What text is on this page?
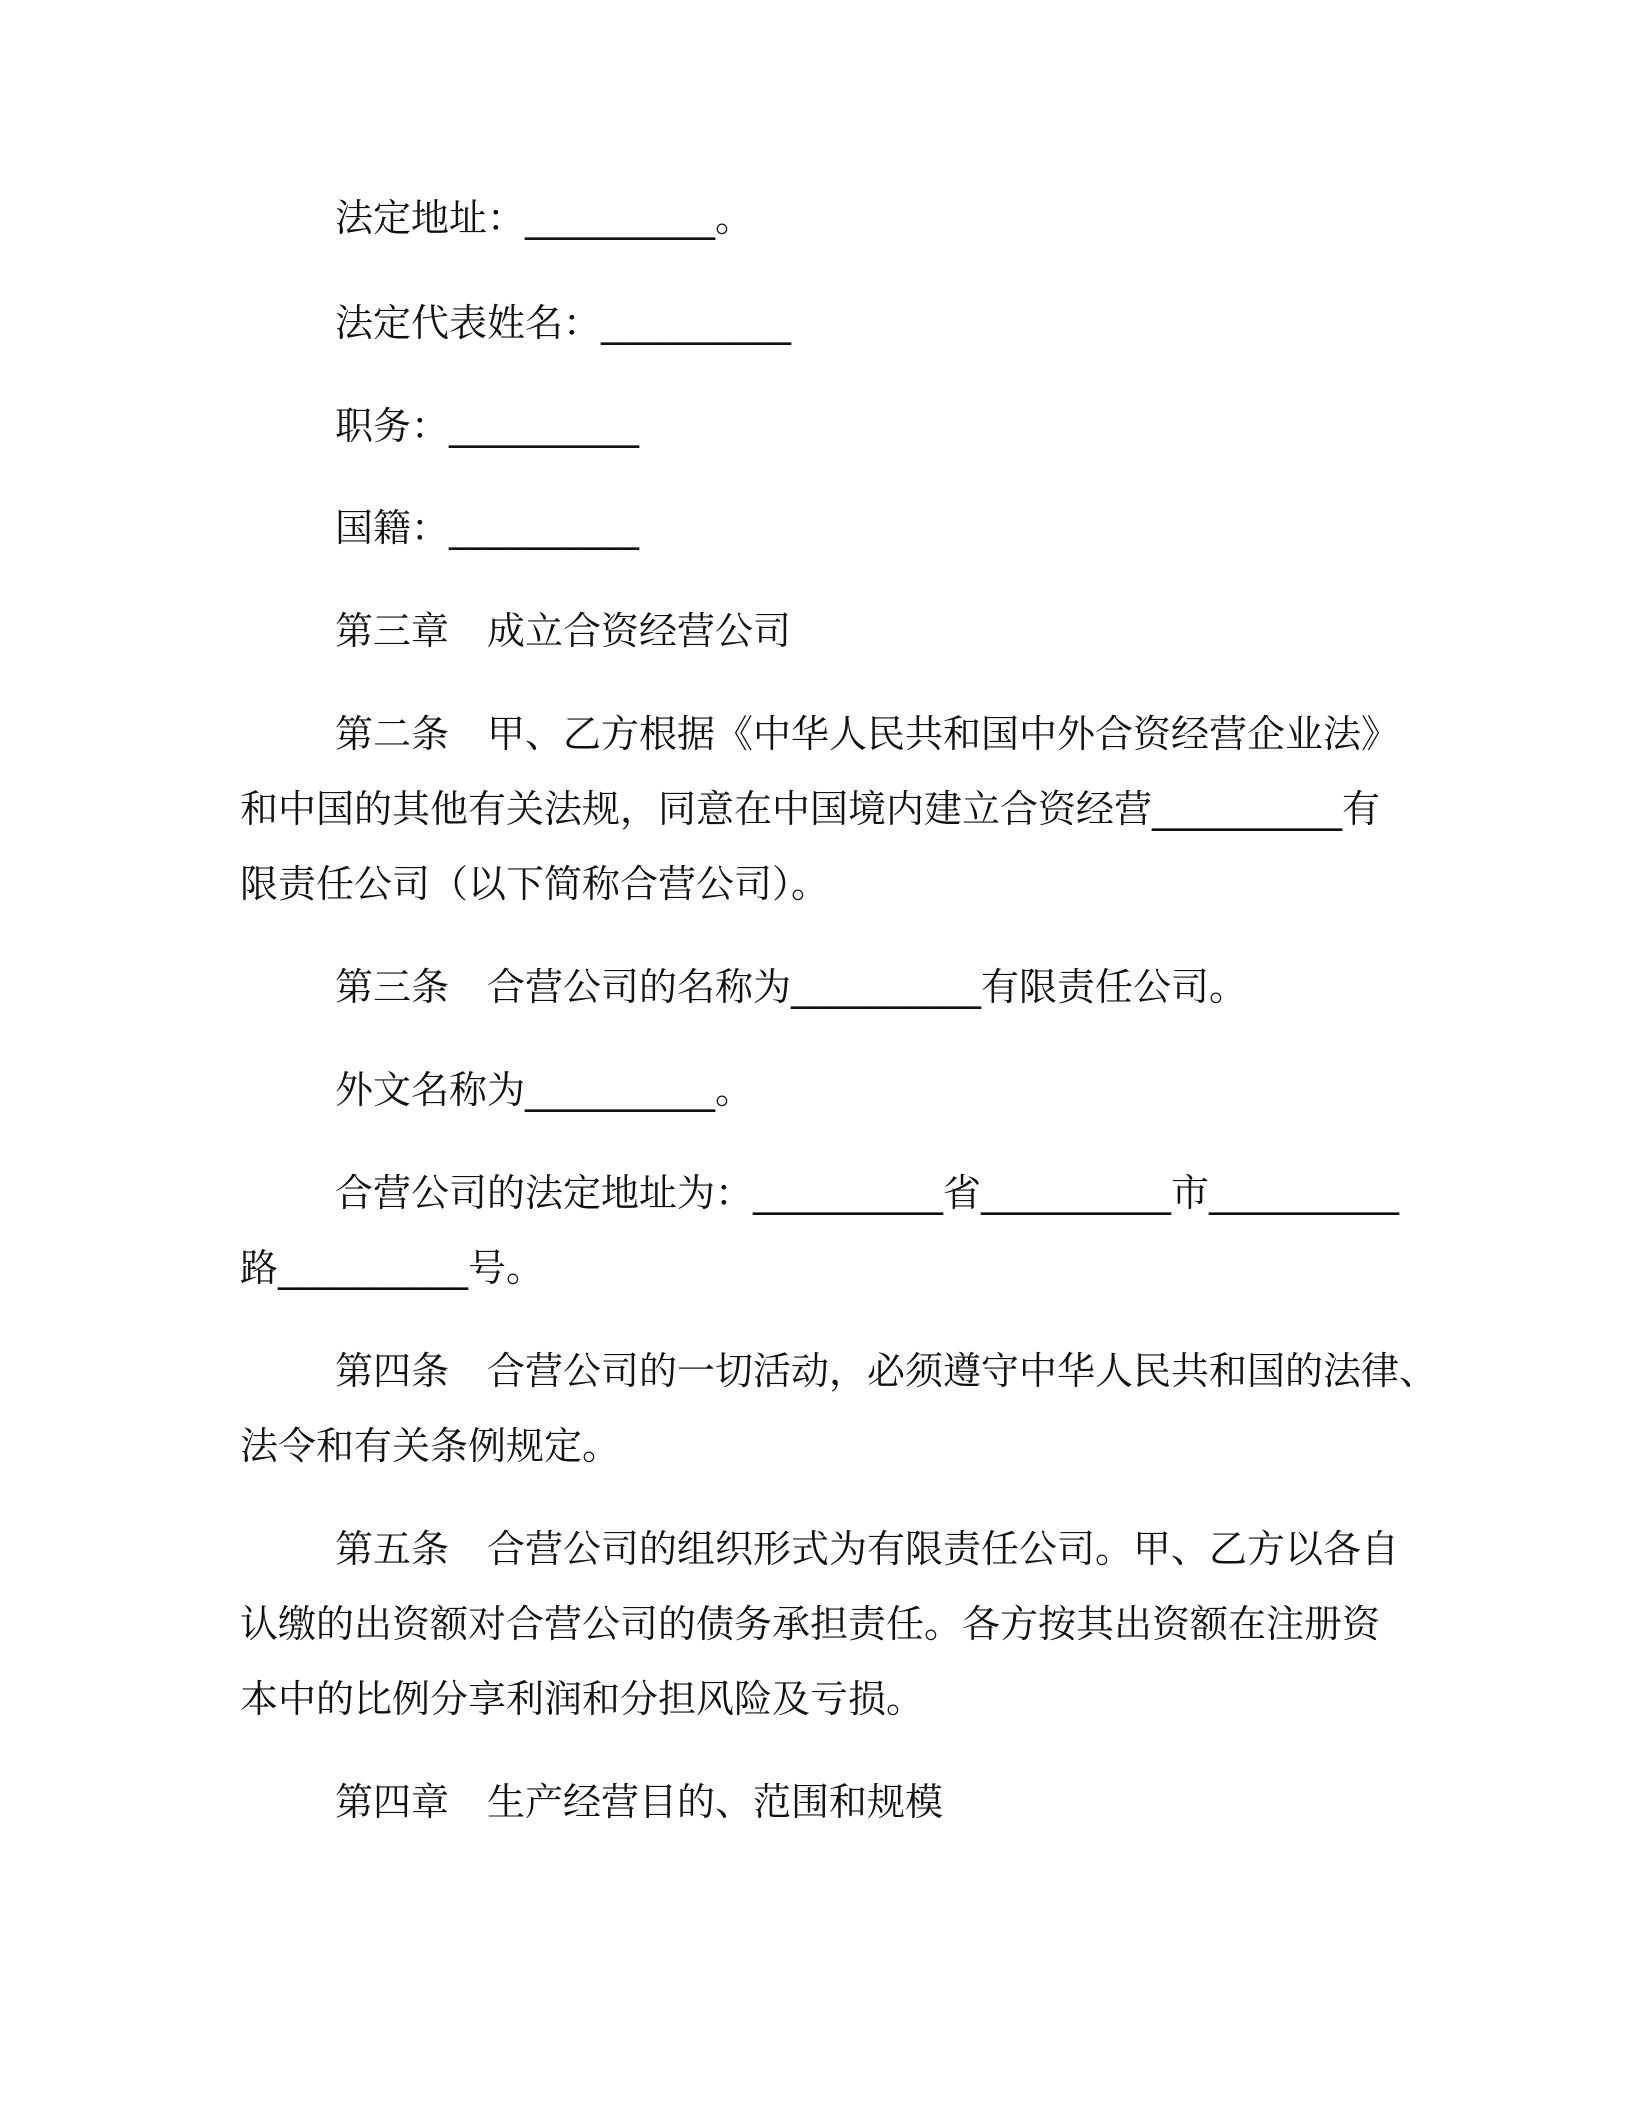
法定地址：__________。
法定代表姓名：__________
职务：__________
国籍：__________
第三章　成立合资经营公司
第二条　甲、乙方根据《中华人民共和国中外合资经营企业法》
和中国的其他有关法规，同意在中国境内建立合资经营__________有
限责任公司（以下简称合营公司）。
第三条　合营公司的名称为__________有限责任公司。
外文名称为__________。
合营公司的法定地址为：__________省__________市__________
路__________号。
第四条　合营公司的一切活动，必须遵守中华人民共和国的法律、
法令和有关条例规定。
第五条　合营公司的组织形式为有限责任公司。甲、乙方以各自
认缴的出资额对合营公司的债务承担责任。各方按其出资额在注册资
本中的比例分享利润和分担风险及亏损。
第四章　生产经营目的、范围和规模
